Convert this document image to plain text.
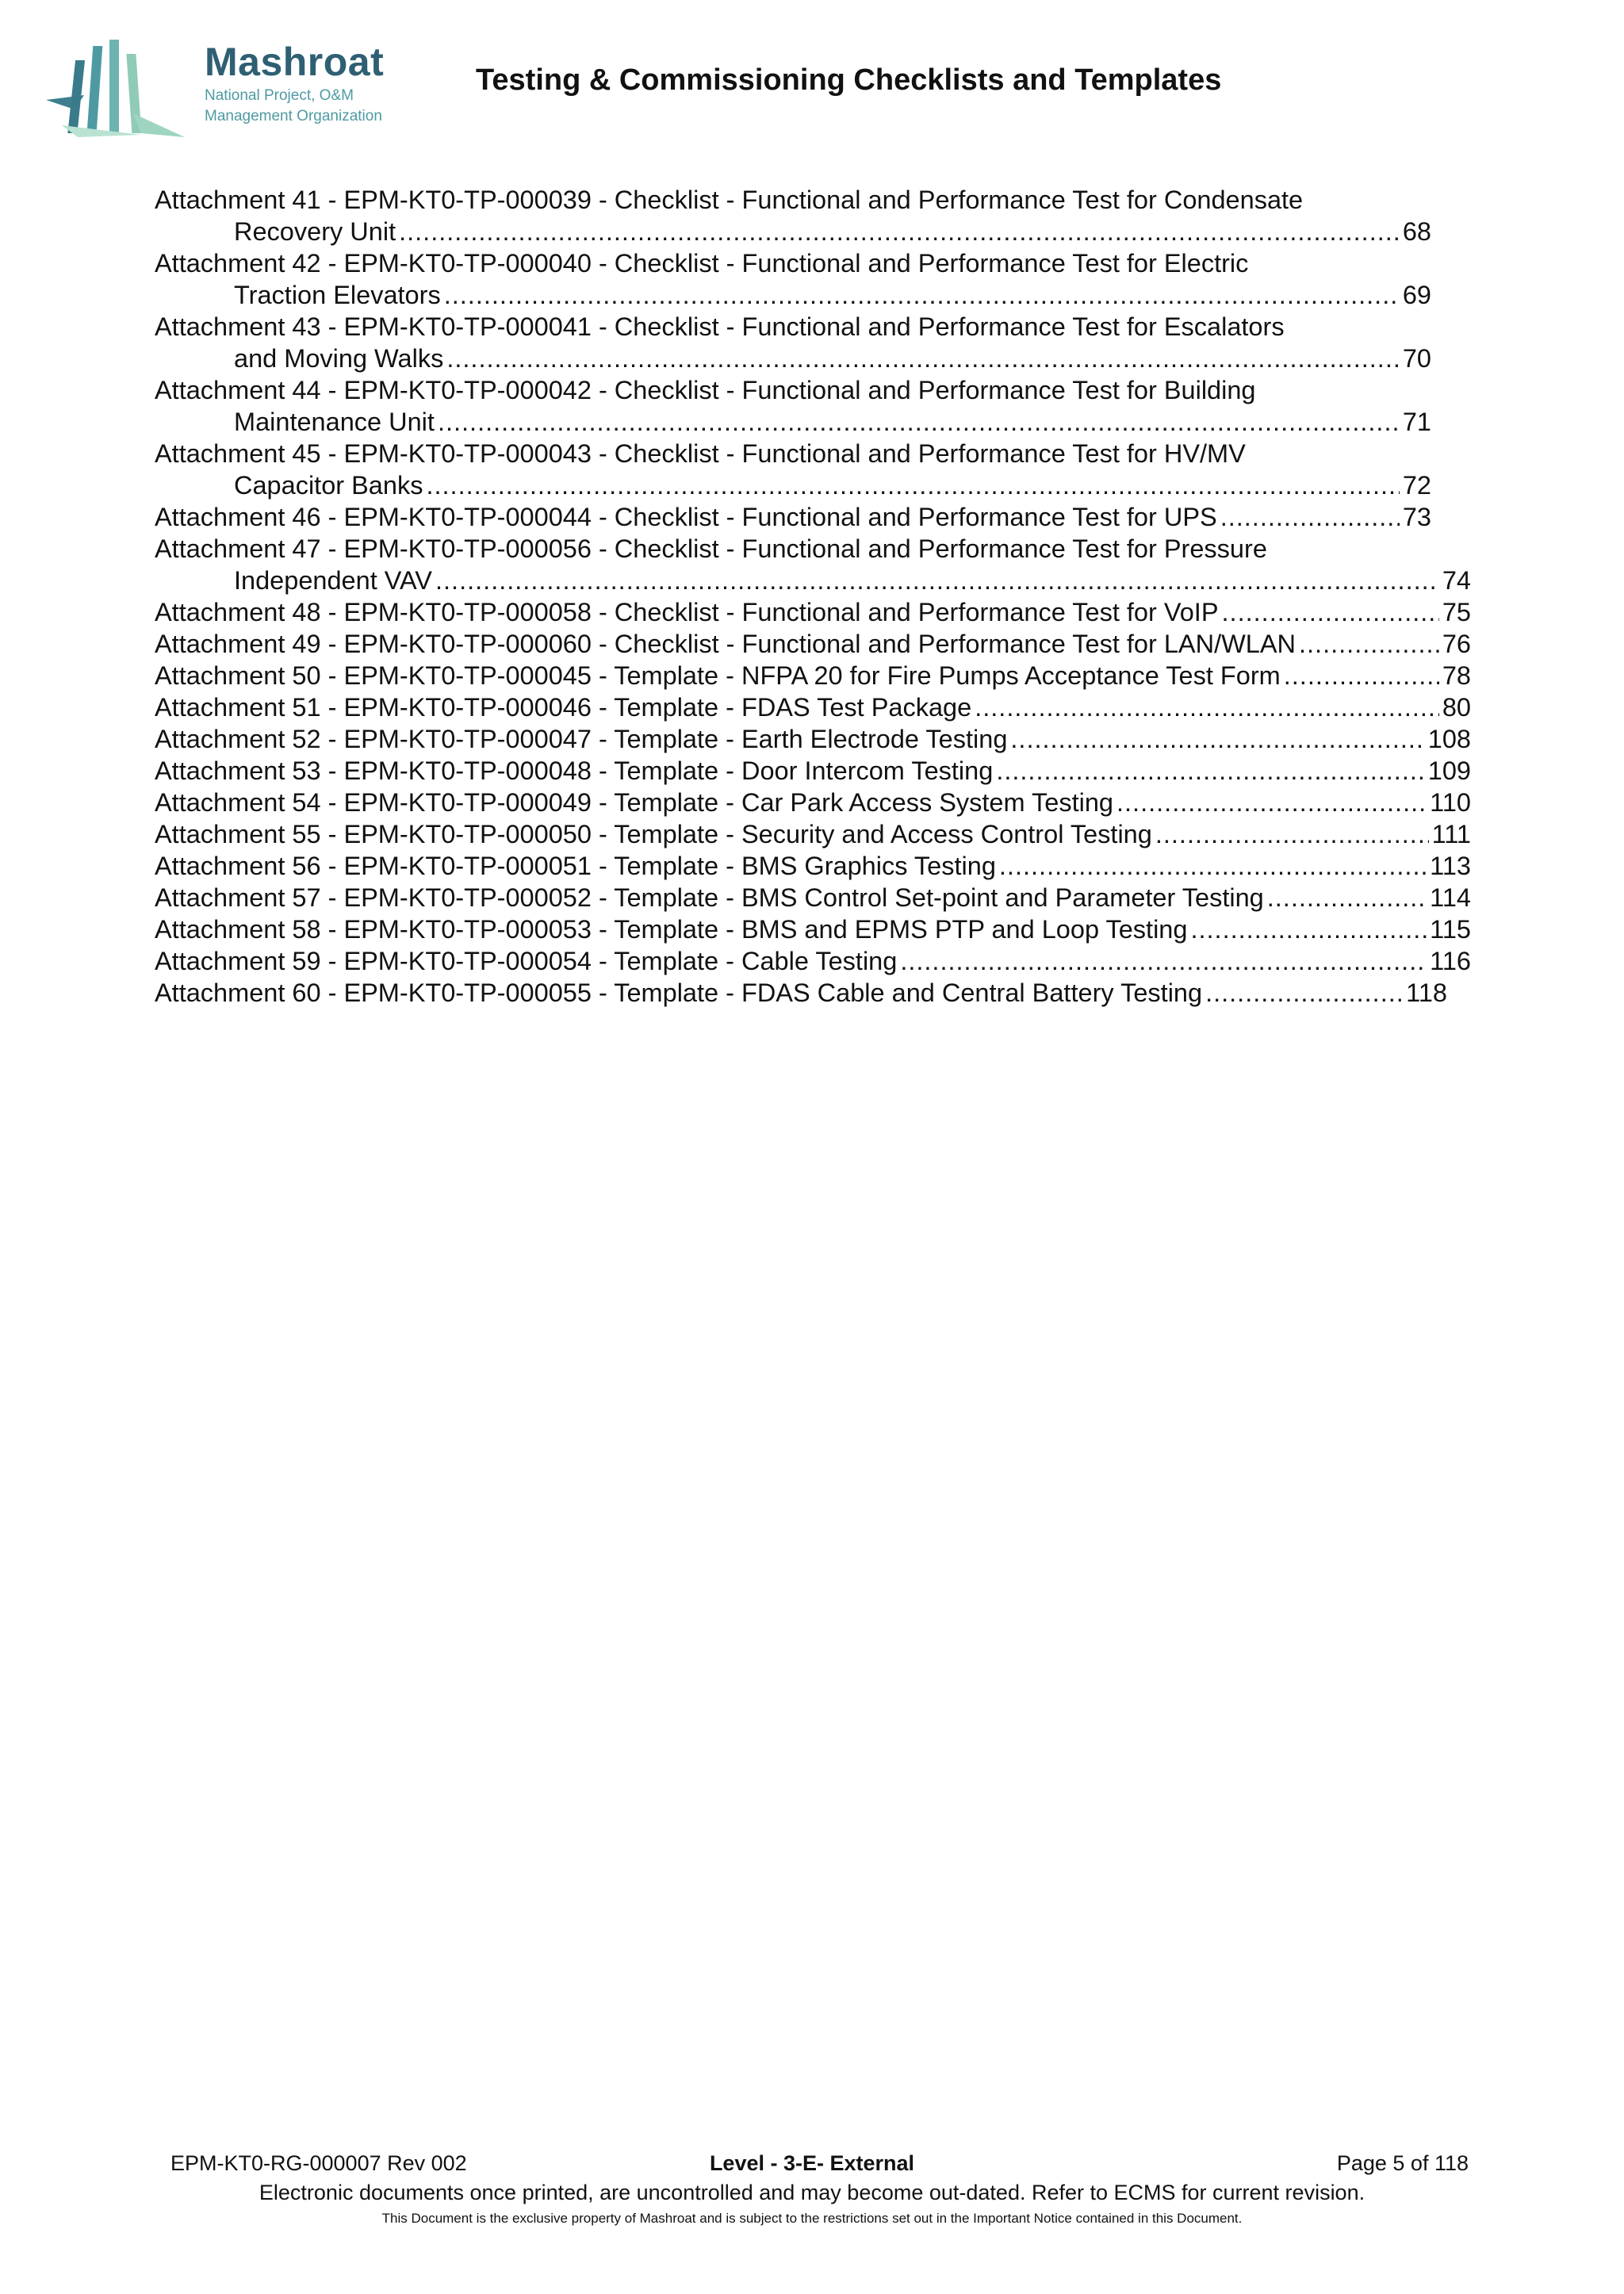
Mashroat
National Project, O&M
Management Organization
Testing & Commissioning Checklists and Templates
Attachment 41 - EPM-KT0-TP-000039 - Checklist - Functional and Performance Test for Condensate
Recovery Unit .....	68
Attachment 42 - EPM-KT0-TP-000040 - Checklist - Functional and Performance Test for Electric
Traction Elevators .....	69
Attachment 43 - EPM-KT0-TP-000041 - Checklist - Functional and Performance Test for Escalators
and Moving Walks .....	70
Attachment 44 - EPM-KT0-TP-000042 - Checklist - Functional and Performance Test for Building
Maintenance Unit .....	71
Attachment 45 - EPM-KT0-TP-000043 - Checklist - Functional and Performance Test for HV/MV
Capacitor Banks .....	72
Attachment 46 - EPM-KT0-TP-000044 - Checklist - Functional and Performance Test for UPS .....	73
Attachment 47 - EPM-KT0-TP-000056 - Checklist - Functional and Performance Test for Pressure
Independent VAV .....	74
Attachment 48 - EPM-KT0-TP-000058 - Checklist - Functional and Performance Test for VoIP .....	75
Attachment 49 - EPM-KT0-TP-000060 - Checklist - Functional and Performance Test for LAN/WLAN .....	76
Attachment 50 - EPM-KT0-TP-000045 - Template - NFPA 20 for Fire Pumps Acceptance Test Form .....	78
Attachment 51 - EPM-KT0-TP-000046 - Template - FDAS Test Package .....	80
Attachment 52 - EPM-KT0-TP-000047 - Template - Earth Electrode Testing .....	108
Attachment 53 - EPM-KT0-TP-000048 - Template - Door Intercom Testing .....	109
Attachment 54 - EPM-KT0-TP-000049 - Template - Car Park Access System Testing .....	110
Attachment 55 - EPM-KT0-TP-000050 - Template - Security and Access Control Testing .....	111
Attachment 56 - EPM-KT0-TP-000051 - Template - BMS Graphics Testing .....	113
Attachment 57 - EPM-KT0-TP-000052 - Template - BMS Control Set-point and Parameter Testing .....	114
Attachment 58 - EPM-KT0-TP-000053 - Template - BMS and EPMS PTP and Loop Testing .....	115
Attachment 59 - EPM-KT0-TP-000054 - Template - Cable Testing .....	116
Attachment 60 - EPM-KT0-TP-000055 - Template - FDAS Cable and Central Battery Testing .....	118
Level - 3-E- External
EPM-KT0-RG-000007 Rev 002	Page 5 of 118
Electronic documents once printed, are uncontrolled and may become out-dated. Refer to ECMS for current revision.
This Document is the exclusive property of Mashroat and is subject to the restrictions set out in the Important Notice contained in this Document.
